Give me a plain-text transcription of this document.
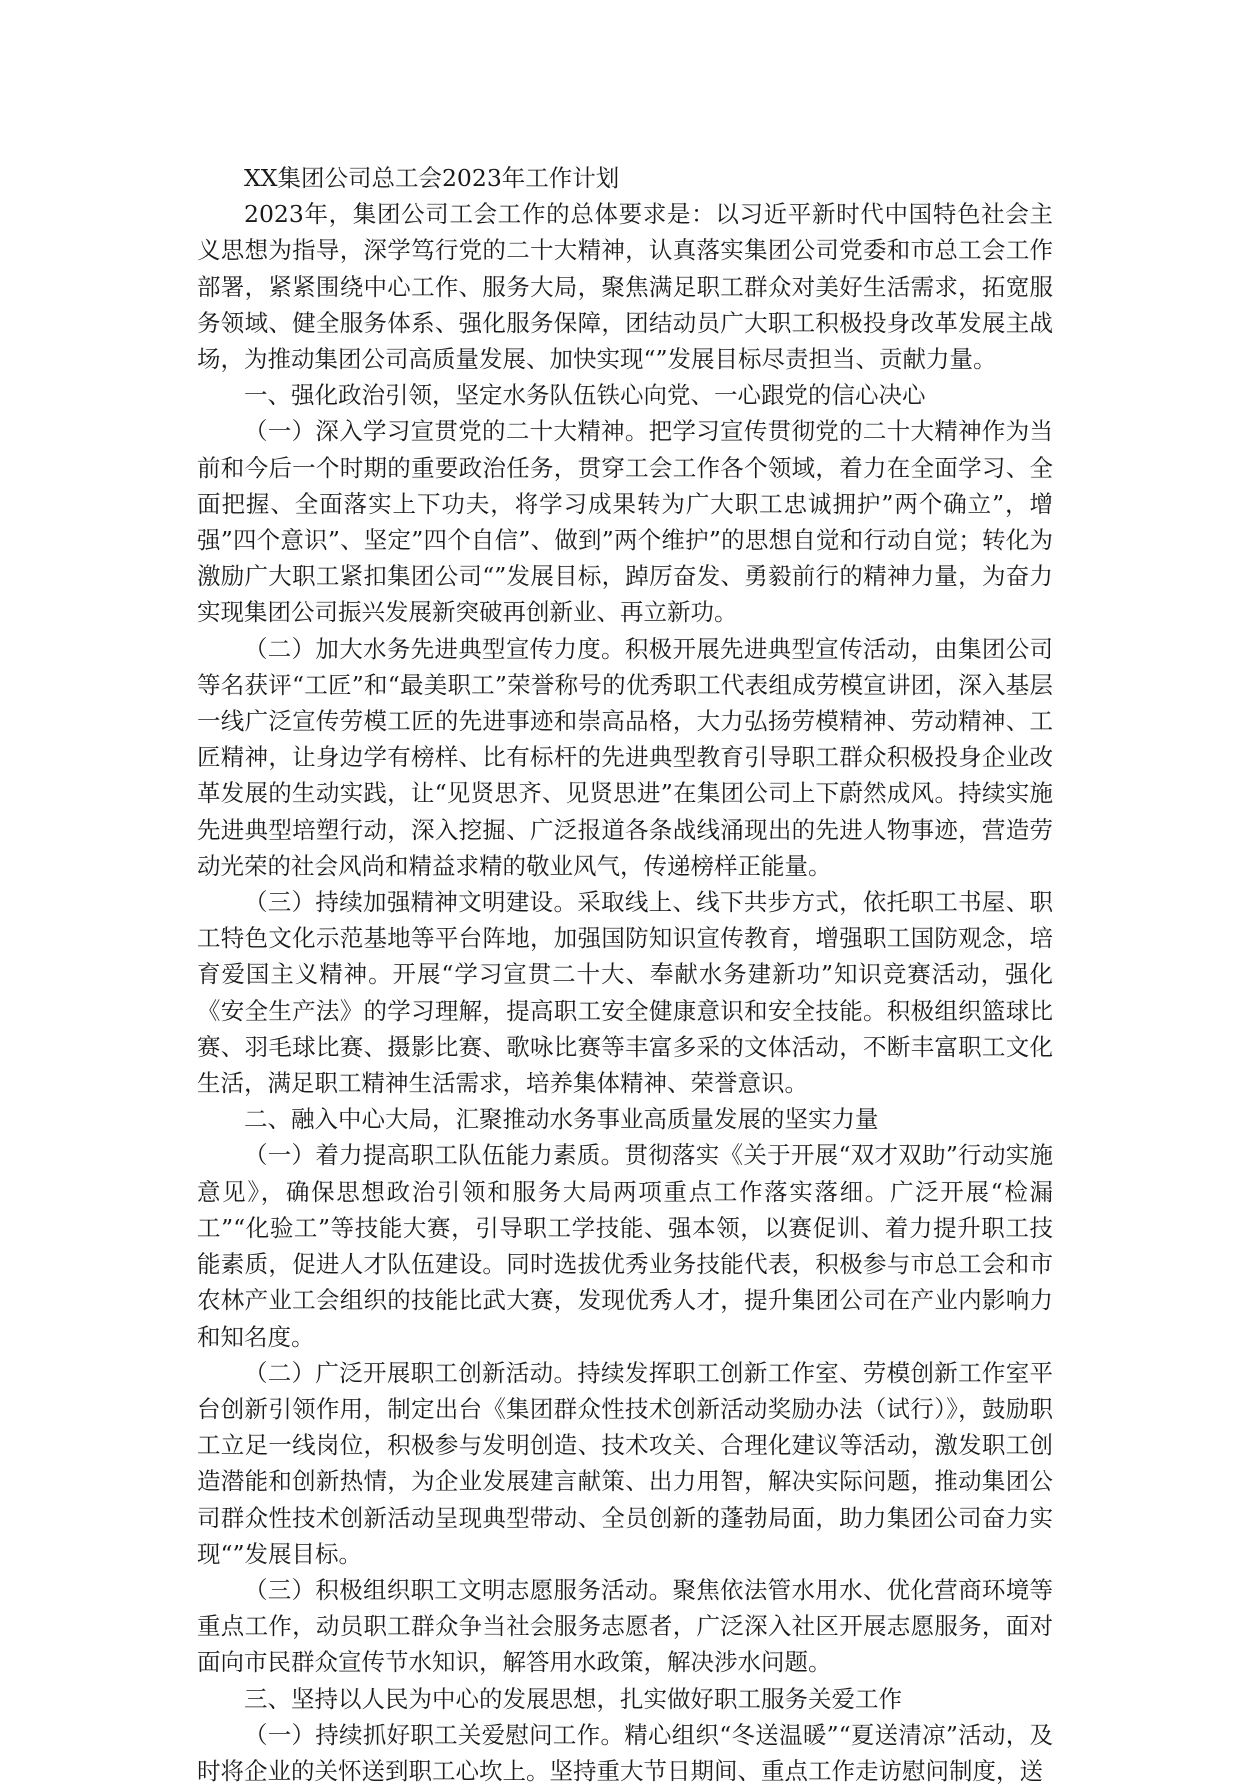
XX集团公司总工会2023年工作计划

2023年，集团公司工会工作的总体要求是：以习近平新时代中国特色社会主义思想为指导，深学笃行党的二十大精神，认真落实集团公司党委和市总工会工作部署，紧紧围绕中心工作、服务大局，聚焦满足职工群众对美好生活需求，拓宽服务领域、健全服务体系、强化服务保障，团结动员广大职工积极投身改革发展主战场，为推动集团公司高质量发展、加快实现“”发展目标尽责担当、贡献力量。

一、强化政治引领，坚定水务队伍铁心向党、一心跟党的信心决心

（一）深入学习宣贯党的二十大精神。把学习宣传贯彻党的二十大精神作为当前和今后一个时期的重要政治任务，贯穿工会工作各个领域，着力在全面学习、全面把握、全面落实上下功夫，将学习成果转为广大职工忠诚拥护”两个确立”，增强”四个意识”、坚定”四个自信”、做到”两个维护”的思想自觉和行动自觉；转化为激励广大职工紧扣集团公司“”发展目标，踔厉奋发、勇毅前行的精神力量，为奋力实现集团公司振兴发展新突破再创新业、再立新功。

（二）加大水务先进典型宣传力度。积极开展先进典型宣传活动，由集团公司等名获评“工匠”和“最美职工”荣誉称号的优秀职工代表组成劳模宣讲团，深入基层一线广泛宣传劳模工匠的先进事迹和崇高品格，大力弘扬劳模精神、劳动精神、工匠精神，让身边学有榜样、比有标杆的先进典型教育引导职工群众积极投身企业改革发展的生动实践，让“见贤思齐、见贤思进”在集团公司上下蔚然成风。持续实施先进典型培塑行动，深入挖掘、广泛报道各条战线涌现出的先进人物事迹，营造劳动光荣的社会风尚和精益求精的敬业风气，传递榜样正能量。

（三）持续加强精神文明建设。采取线上、线下共步方式，依托职工书屋、职工特色文化示范基地等平台阵地，加强国防知识宣传教育，增强职工国防观念，培育爱国主义精神。开展“学习宣贯二十大、奉献水务建新功”知识竞赛活动，强化《安全生产法》的学习理解，提高职工安全健康意识和安全技能。积极组织篮球比赛、羽毛球比赛、摄影比赛、歌咏比赛等丰富多采的文体活动，不断丰富职工文化生活，满足职工精神生活需求，培养集体精神、荣誉意识。

二、融入中心大局，汇聚推动水务事业高质量发展的坚实力量

（一）着力提高职工队伍能力素质。贯彻落实《关于开展“双才双助”行动实施意见》，确保思想政治引领和服务大局两项重点工作落实落细。广泛开展“检漏工”“化验工”等技能大赛，引导职工学技能、强本领，以赛促训、着力提升职工技能素质，促进人才队伍建设。同时选拔优秀业务技能代表，积极参与市总工会和市农林产业工会组织的技能比武大赛，发现优秀人才，提升集团公司在产业内影响力和知名度。

（二）广泛开展职工创新活动。持续发挥职工创新工作室、劳模创新工作室平台创新引领作用，制定出台《集团群众性技术创新活动奖励办法（试行）》，鼓励职工立足一线岗位，积极参与发明创造、技术攻关、合理化建议等活动，激发职工创造潜能和创新热情，为企业发展建言献策、出力用智，解决实际问题，推动集团公司群众性技术创新活动呈现典型带动、全员创新的蓬勃局面，助力集团公司奋力实现“”发展目标。

（三）积极组织职工文明志愿服务活动。聚焦依法管水用水、优化营商环境等重点工作，动员职工群众争当社会服务志愿者，广泛深入社区开展志愿服务，面对面向市民群众宣传节水知识，解答用水政策，解决涉水问题。

三、坚持以人民为中心的发展思想，扎实做好职工服务关爱工作

（一）持续抓好职工关爱慰问工作。精心组织“冬送温暖”“夏送清凉”活动，及时将企业的关怀送到职工心坎上。坚持重大节日期间、重点工作走访慰问制度，送
